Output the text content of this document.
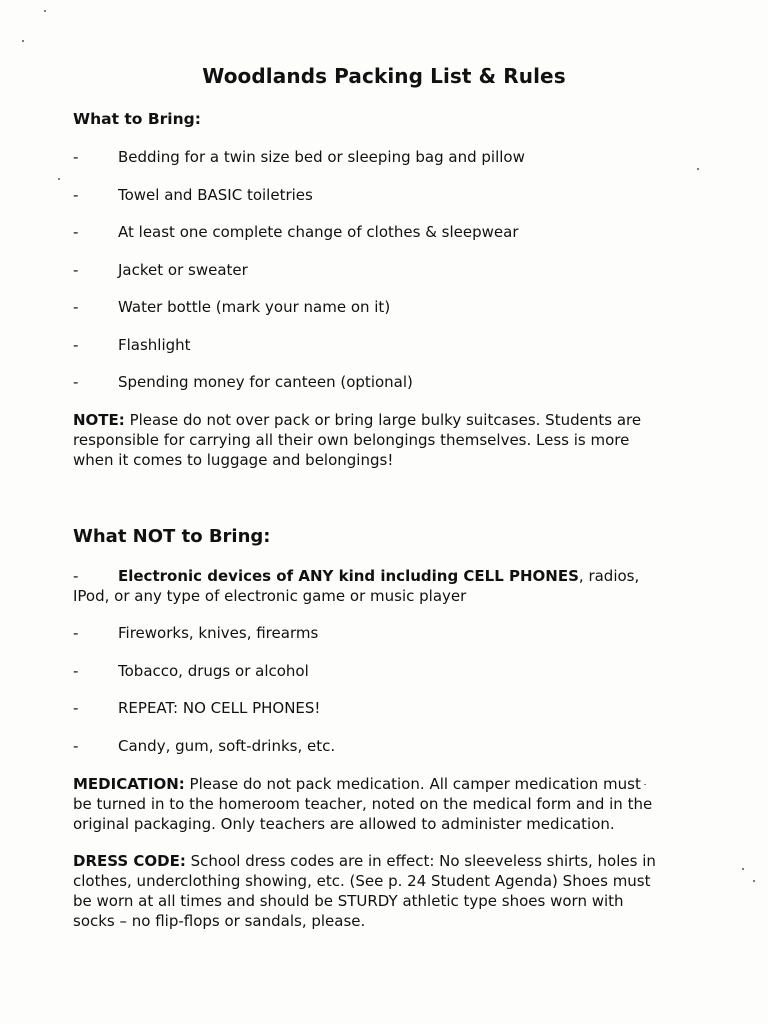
Woodlands Packing List & Rules
What to Bring:
-	Bedding for a twin size bed or sleeping bag and pillow
-	Towel and BASIC toiletries
-	At least one complete change of clothes & sleepwear
-	Jacket or sweater
-	Water bottle (mark your name on it)
-	Flashlight
-	Spending money for canteen (optional)
NOTE: Please do not over pack or bring large bulky suitcases. Students are responsible for carrying all their own belongings themselves. Less is more when it comes to luggage and belongings!
What NOT to Bring:
-	Electronic devices of ANY kind including CELL PHONES, radios,
IPod, or any type of electronic game or music player
-	Fireworks, knives, firearms
-	Tobacco, drugs or alcohol
-	REPEAT: NO CELL PHONES!
-	Candy, gum, soft-drinks, etc.
MEDICATION: Please do not pack medication. All camper medication must be turned in to the homeroom teacher, noted on the medical form and in the original packaging. Only teachers are allowed to administer medication.
DRESS CODE: School dress codes are in effect: No sleeveless shirts, holes in clothes, underclothing showing, etc. (See p. 24 Student Agenda) Shoes must be worn at all times and should be STURDY athletic type shoes worn with socks – no flip-flops or sandals, please.
